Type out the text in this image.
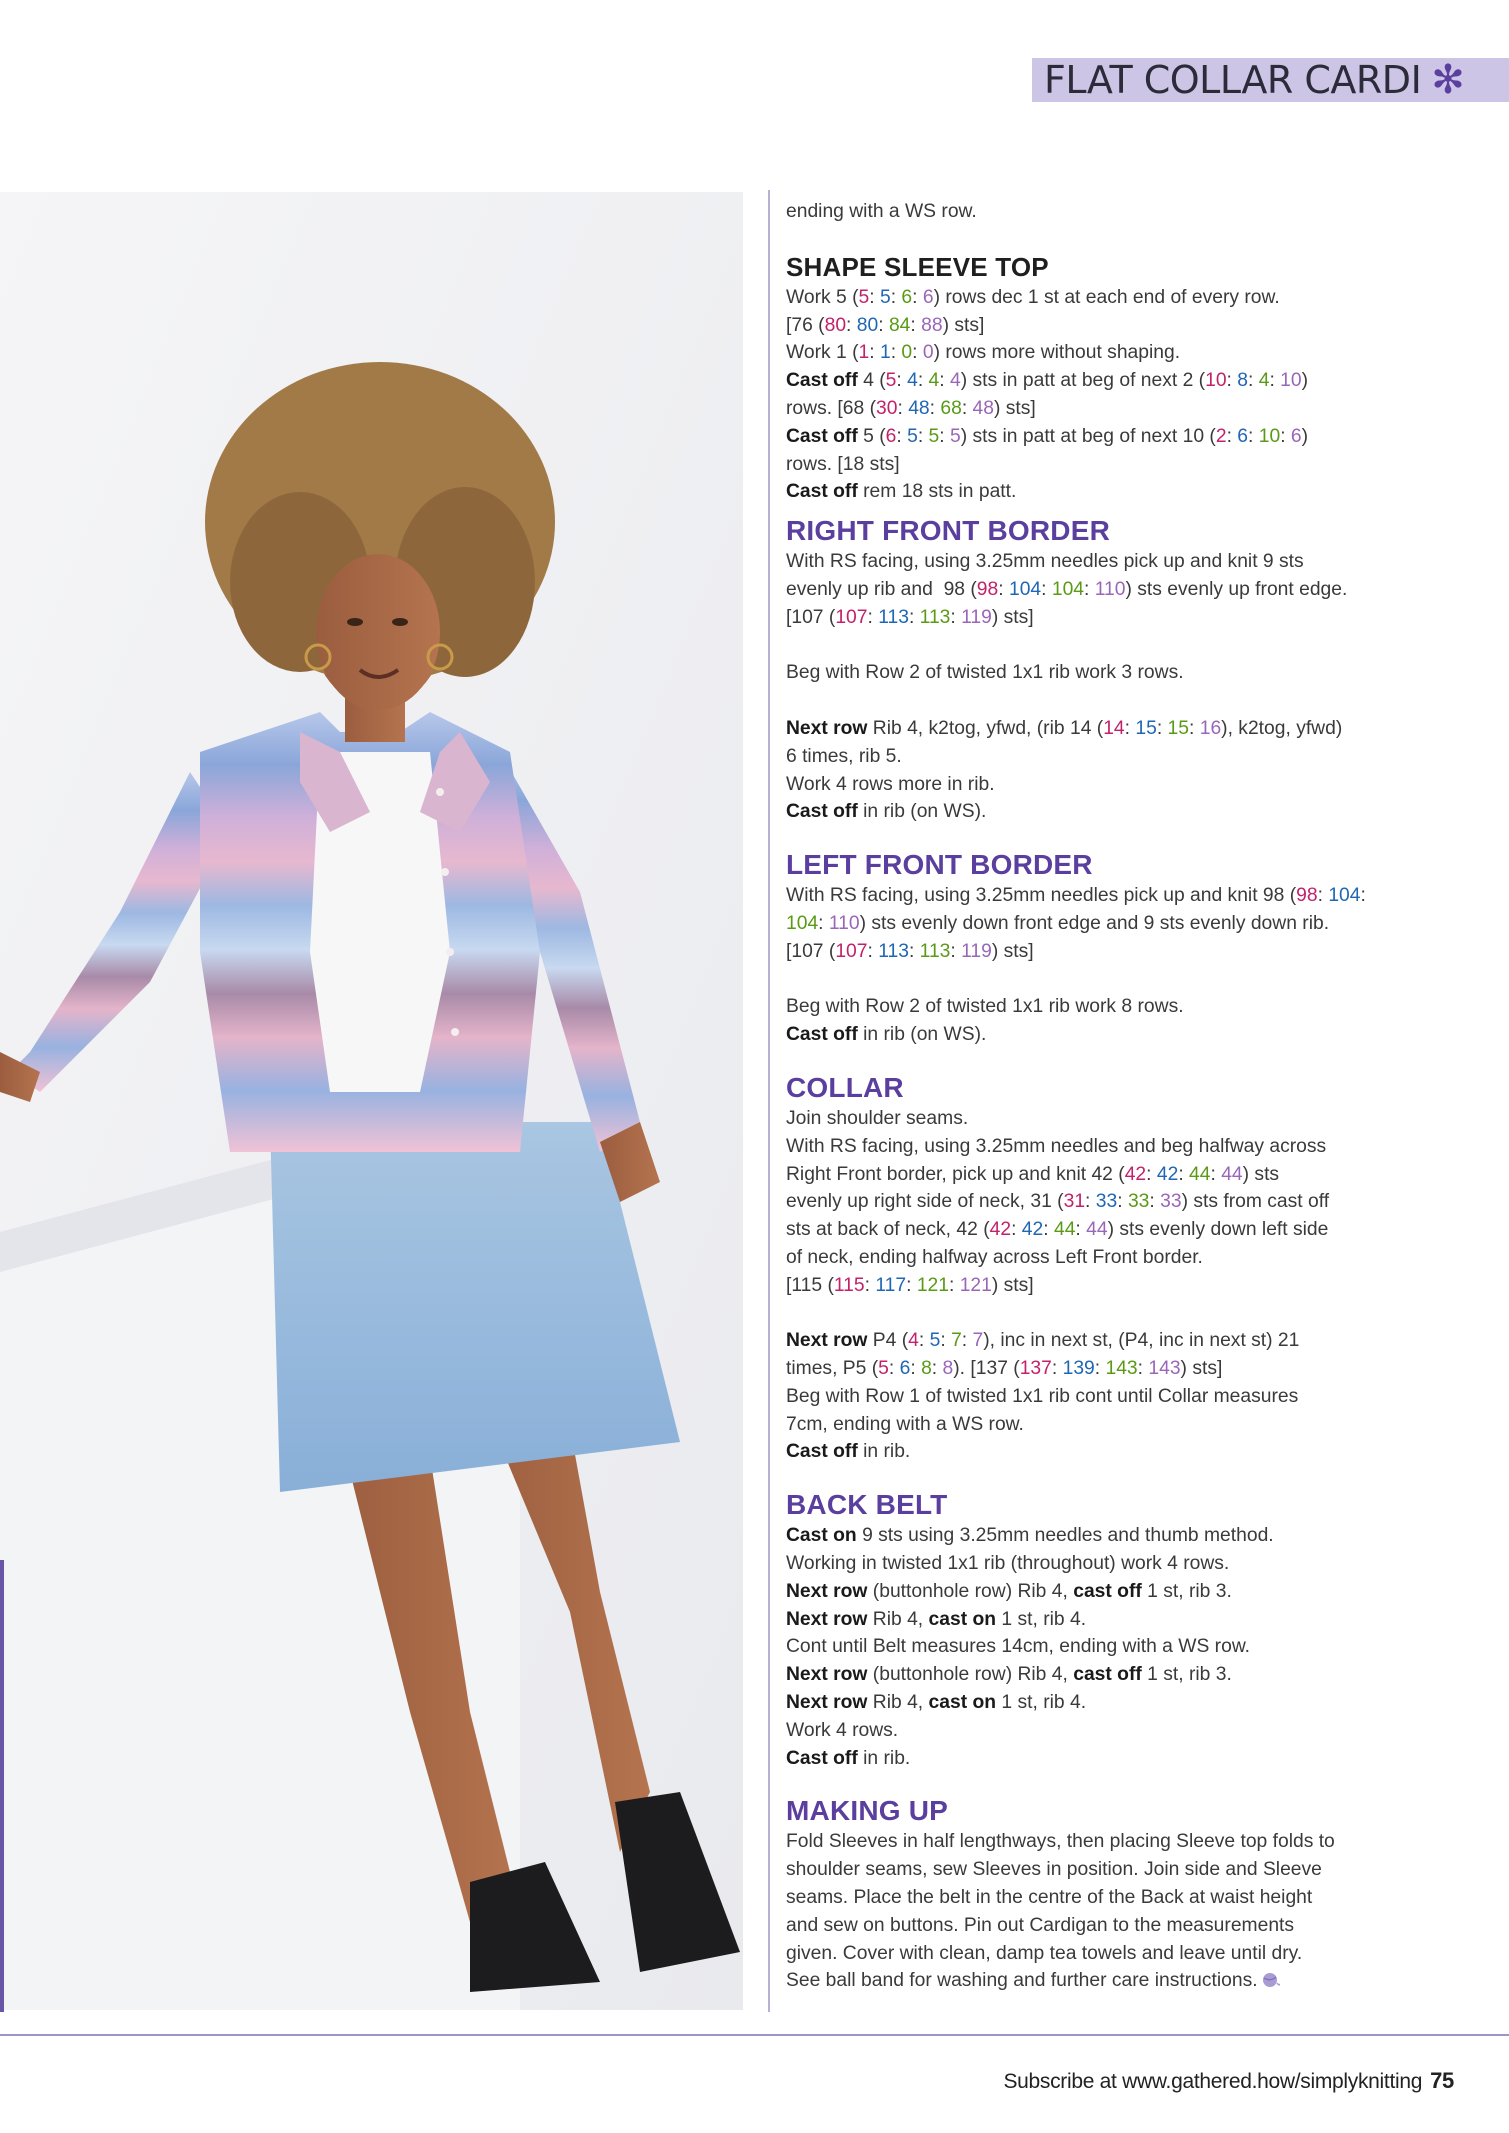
FLAT COLLAR CARDI ✻

ending with a WS row.

SHAPE SLEEVE TOP

Work 5 (5: 5: 6: 6) rows dec 1 st at each end of every row.

[76 (80: 80: 84: 88) sts]

Work 1 (1: 1: 0: 0) rows more without shaping.

Cast off 4 (5: 4: 4: 4) sts in patt at beg of next 2 (10: 8: 4: 10)
rows. [68 (30: 48: 68: 48) sts]

Cast off 5 (6: 5: 5: 5) sts in patt at beg of next 10 (2: 6: 10: 6)
rows. [18 sts]

Cast off rem 18 sts in patt.

RIGHT FRONT BORDER

With RS facing, using 3.25mm needles pick up and knit 9 sts
evenly up rib and  98 (98: 104: 104: 110) sts evenly up front edge.
[107 (107: 113: 113: 119) sts]

Beg with Row 2 of twisted 1x1 rib work 3 rows.

Next row Rib 4, k2tog, yfwd, (rib 14 (14: 15: 15: 16), k2tog, yfwd)
6 times, rib 5.

Work 4 rows more in rib.

Cast off in rib (on WS).

LEFT FRONT BORDER

With RS facing, using 3.25mm needles pick up and knit 98 (98: 104:
104: 110) sts evenly down front edge and 9 sts evenly down rib.
[107 (107: 113: 113: 119) sts]

Beg with Row 2 of twisted 1x1 rib work 8 rows.

Cast off in rib (on WS).

COLLAR

Join shoulder seams.

With RS facing, using 3.25mm needles and beg halfway across
Right Front border, pick up and knit 42 (42: 42: 44: 44) sts
evenly up right side of neck, 31 (31: 33: 33: 33) sts from cast off
sts at back of neck, 42 (42: 42: 44: 44) sts evenly down left side
of neck, ending halfway across Left Front border.
[115 (115: 117: 121: 121) sts]

Next row P4 (4: 5: 7: 7), inc in next st, (P4, inc in next st) 21
times, P5 (5: 6: 8: 8). [137 (137: 139: 143: 143) sts]

Beg with Row 1 of twisted 1x1 rib cont until Collar measures
7cm, ending with a WS row.

Cast off in rib.

BACK BELT

Cast on 9 sts using 3.25mm needles and thumb method.

Working in twisted 1x1 rib (throughout) work 4 rows.

Next row (buttonhole row) Rib 4, cast off 1 st, rib 3.

Next row Rib 4, cast on 1 st, rib 4.

Cont until Belt measures 14cm, ending with a WS row.

Next row (buttonhole row) Rib 4, cast off 1 st, rib 3.

Next row Rib 4, cast on 1 st, rib 4.

Work 4 rows.

Cast off in rib.

MAKING UP

Fold Sleeves in half lengthways, then placing Sleeve top folds to
shoulder seams, sew Sleeves in position. Join side and Sleeve
seams. Place the belt in the centre of the Back at waist height
and sew on buttons. Pin out Cardigan to the measurements
given. Cover with clean, damp tea towels and leave until dry.
See ball band for washing and further care instructions.

Subscribe at www.gathered.how/simplyknitting 75
